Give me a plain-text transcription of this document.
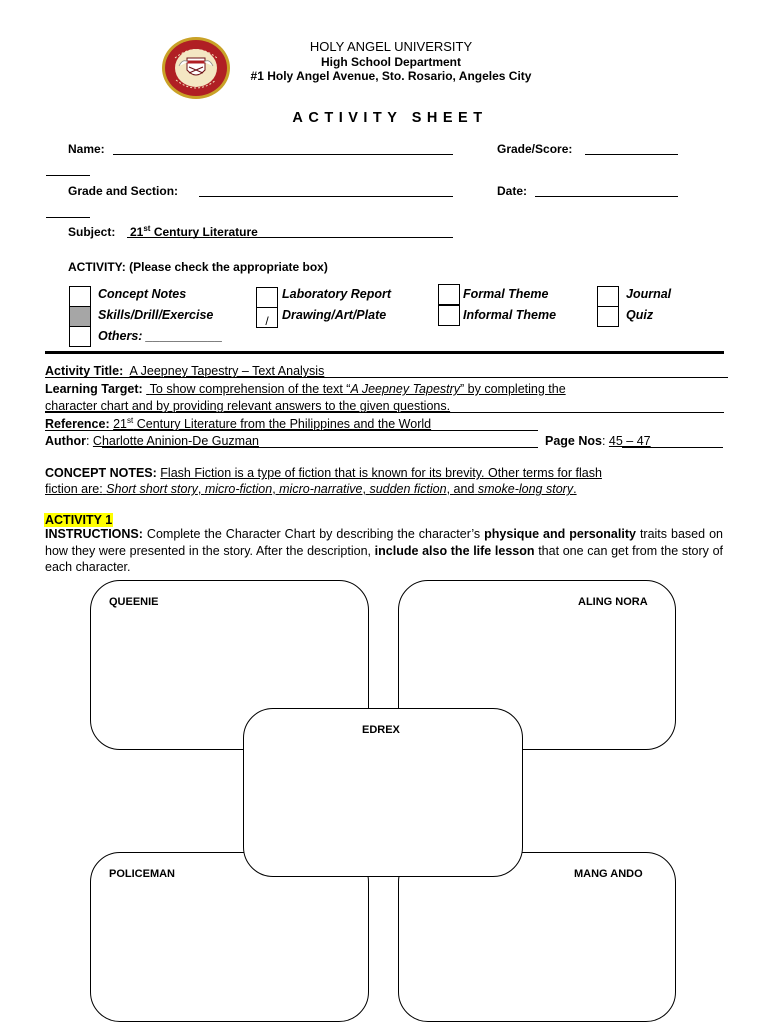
HOLY ANGEL UNIVERSITY
High School Department
#1 Holy Angel Avenue, Sto. Rosario, Angeles City
ACTIVITY SHEET
Name:	Grade/Score:
Grade and Section:	Date:
Subject: 21st Century Literature
ACTIVITY: (Please check the appropriate box)
Concept Notes
Skills/Drill/Exercise
Others: ___________
Laboratory Report
/	Drawing/Art/Plate
Formal Theme
Informal Theme
Journal
Quiz
Activity Title: A Jeepney Tapestry – Text Analysis
Learning Target: To show comprehension of the text “A Jeepney Tapestry” by completing the
character chart and by providing relevant answers to the given questions.
Reference: 21st Century Literature from the Philippines and the World
Author: Charlotte Aninion-De Guzman	Page Nos: 45 – 47
CONCEPT NOTES: Flash Fiction is a type of fiction that is known for its brevity. Other terms for flash
fiction are: Short short story, micro-fiction, micro-narrative, sudden fiction, and smoke-long story.
ACTIVITY 1
INSTRUCTIONS: Complete the Character Chart by describing the character’s physique and personality traits based on how they were presented in the story. After the description, include also the life lesson that one can get from the story of each character.
QUEENIE	ALING NORA
POLICEMAN	MANG ANDO
EDREX
